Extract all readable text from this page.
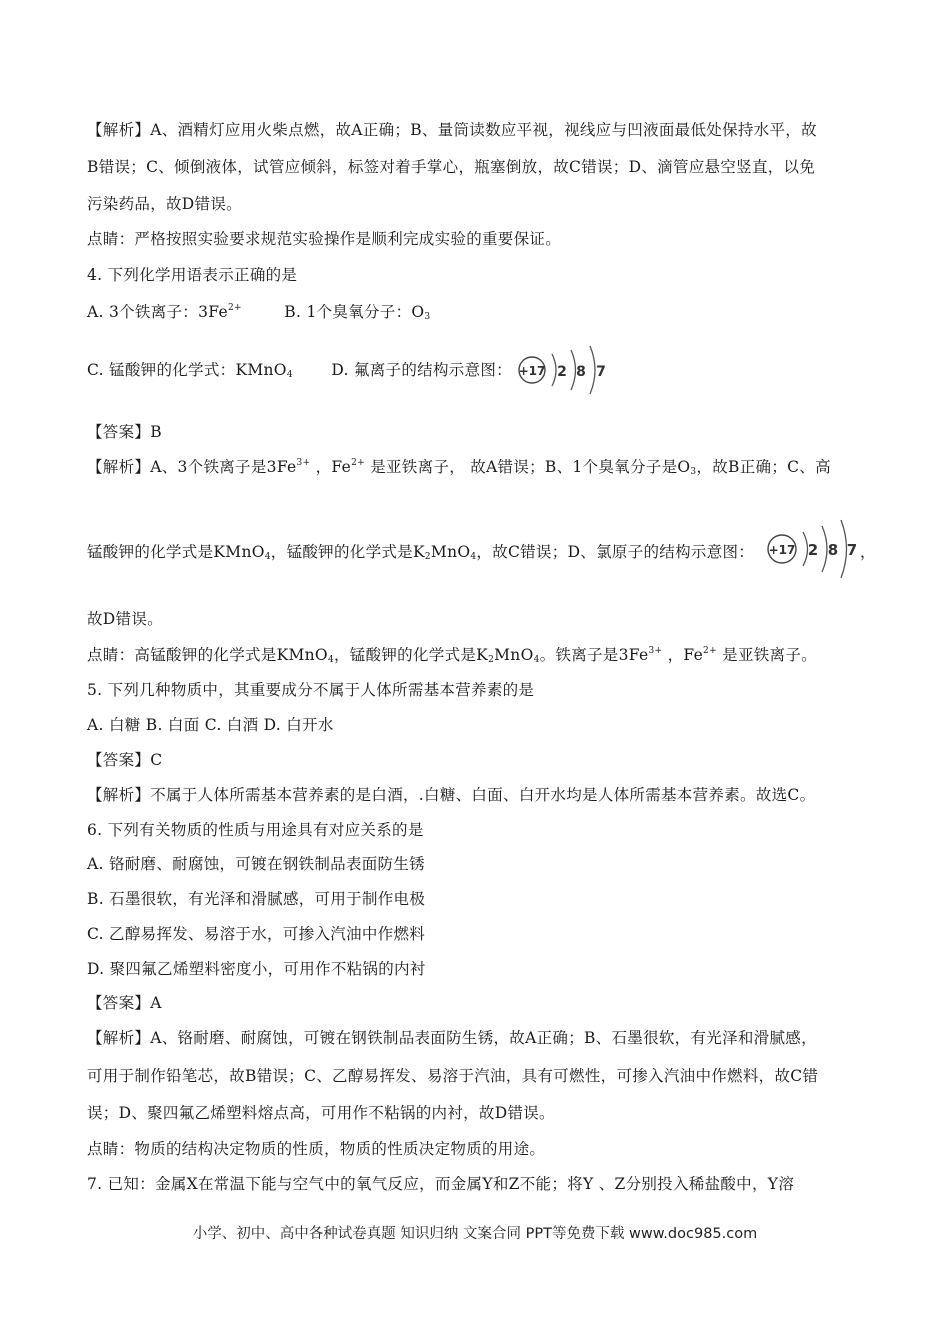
【解析】A、酒精灯应用火柴点燃，故A正确；B、量筒读数应平视，视线应与凹液面最低处保持水平，故
B错误；C、倾倒液体，试管应倾斜，标签对着手掌心，瓶塞倒放，故C错误；D、滴管应悬空竖直，以免
污染药品，故D错误。
点睛：严格按照实验要求规范实验操作是顺利完成实验的重要保证。
4. 下列化学用语表示正确的是
A. 3个铁离子：$3Fe^{2+}$	B. 1个臭氧分子：$O_3$
C. 锰酸钾的化学式：KMnO$_4$ D. 氟离子的结构示意图： +17 2 8 7
【答案】B
【解析】A、3个铁离子是$3Fe^{3+}$ ，$Fe^{2+}$ 是亚铁离子， 故A错误；B、1个臭氧分子是$O_3$，故B正确；C、高
锰酸钾的化学式是KMnO$_4$，锰酸钾的化学式是$K_2MnO_4$，故C错误；D、氯原子的结构示意图： +17 2 8 7 ，
故D错误。
点睛：高锰酸钾的化学式是KMnO$_4$，锰酸钾的化学式是$K_2MnO_4$。铁离子是$3Fe^{3+}$ ，$Fe^{2+}$ 是亚铁离子。
5. 下列几种物质中，其重要成分不属于人体所需基本营养素的是
A. 白糖 B. 白面 C. 白酒 D. 白开水
【答案】C
【解析】不属于人体所需基本营养素的是白酒，.白糖、白面、白开水均是人体所需基本营养素。故选C。
6. 下列有关物质的性质与用途具有对应关系的是
A. 铬耐磨、耐腐蚀，可镀在钢铁制品表面防生锈
B. 石墨很软，有光泽和滑腻感，可用于制作电极
C. 乙醇易挥发、易溶于水，可掺入汽油中作燃料
D. 聚四氟乙烯塑料密度小，可用作不粘锅的内衬
【答案】A
【解析】A、铬耐磨、耐腐蚀，可镀在钢铁制品表面防生锈，故A正确；B、石墨很软，有光泽和滑腻感，
可用于制作铅笔芯，故B错误；C、乙醇易挥发、易溶于汽油，具有可燃性，可掺入汽油中作燃料，故C错
误；D、聚四氟乙烯塑料熔点高，可用作不粘锅的内衬，故D错误。
点睛：物质的结构决定物质的性质，物质的性质决定物质的用途。
7. 已知：金属X在常温下能与空气中的氧气反应，而金属Y和Z不能；将Y 、Z分别投入稀盐酸中，Y溶
小学、初中、高中各种试卷真题 知识归纳 文案合同 PPT等免费下载 www.doc985.com
